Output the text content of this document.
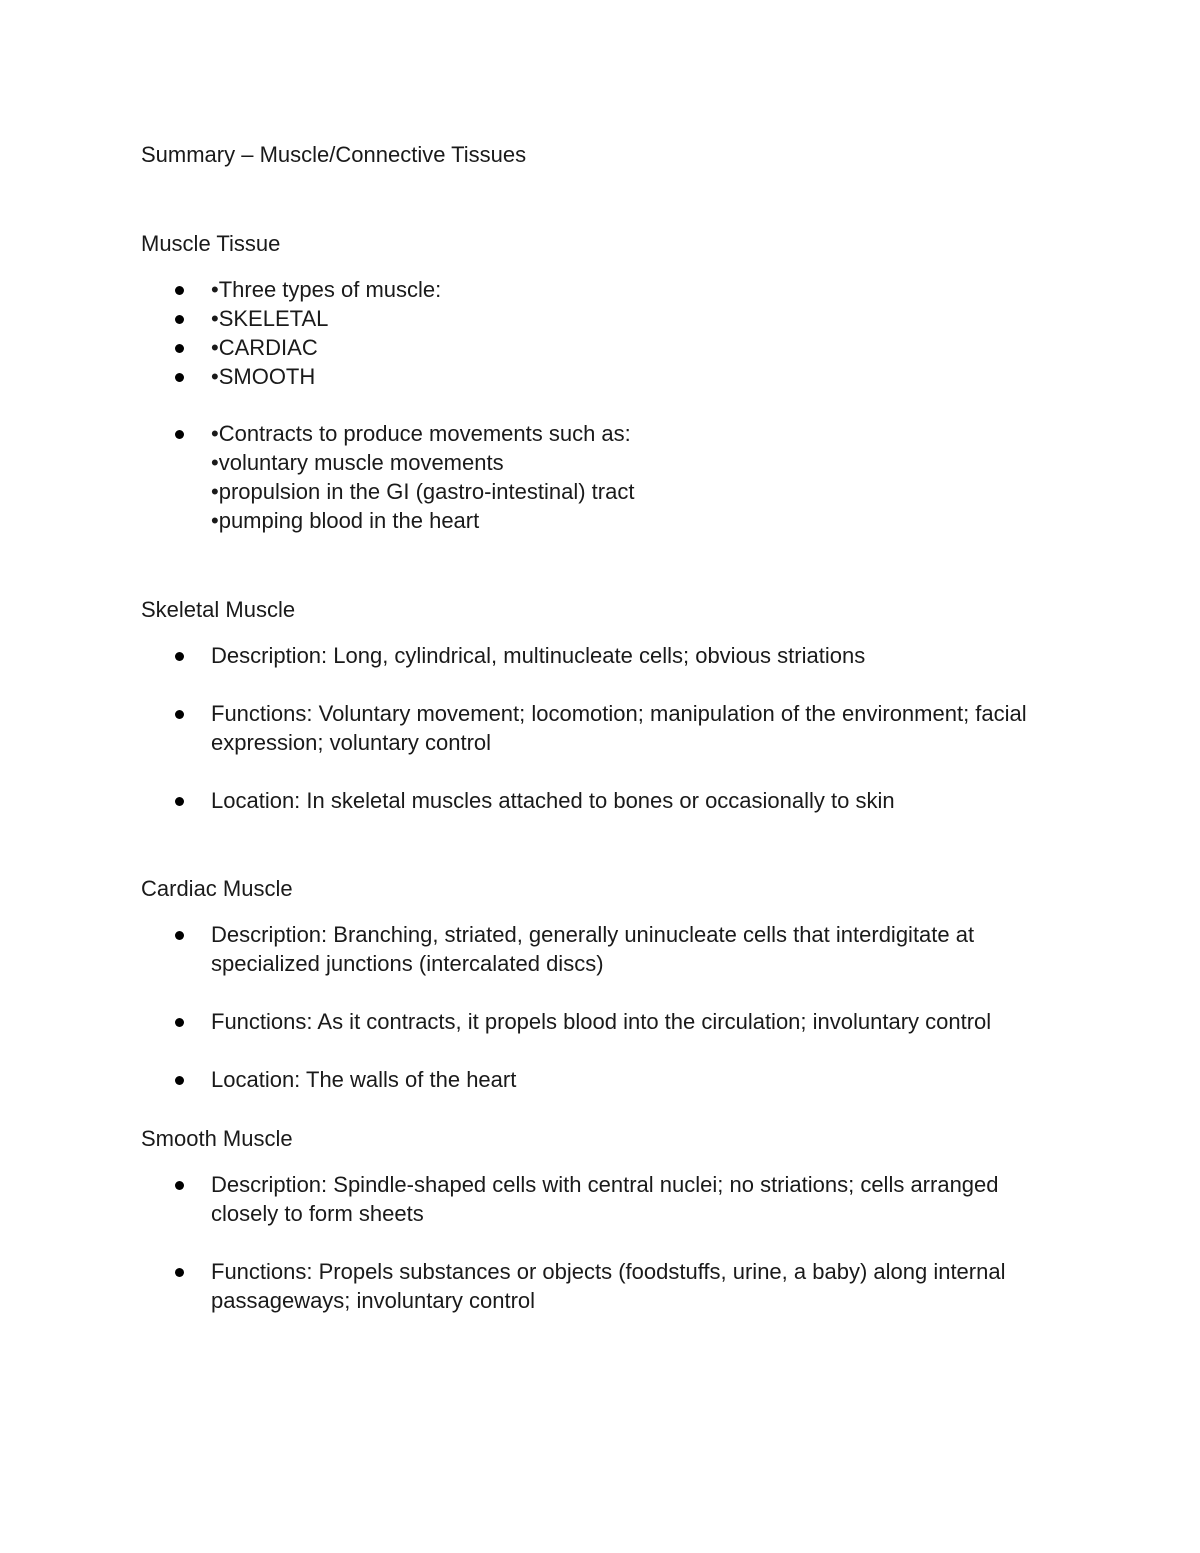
Summary – Muscle/Connective Tissues
Muscle Tissue
•Three types of muscle:
•SKELETAL
•CARDIAC
•SMOOTH
•Contracts to produce movements such as:
•voluntary muscle movements
•propulsion in the GI (gastro-intestinal) tract
•pumping blood in the heart
Skeletal Muscle
Description: Long, cylindrical, multinucleate cells; obvious striations
Functions: Voluntary movement; locomotion; manipulation of the environment; facial expression; voluntary control
Location: In skeletal muscles attached to bones or occasionally to skin
Cardiac Muscle
Description: Branching, striated, generally uninucleate cells that interdigitate at specialized junctions (intercalated discs)
Functions: As it contracts, it propels blood into the circulation; involuntary control
Location: The walls of the heart
Smooth Muscle
Description: Spindle-shaped cells with central nuclei; no striations; cells arranged closely to form sheets
Functions: Propels substances or objects (foodstuffs, urine, a baby) along internal passageways; involuntary control
